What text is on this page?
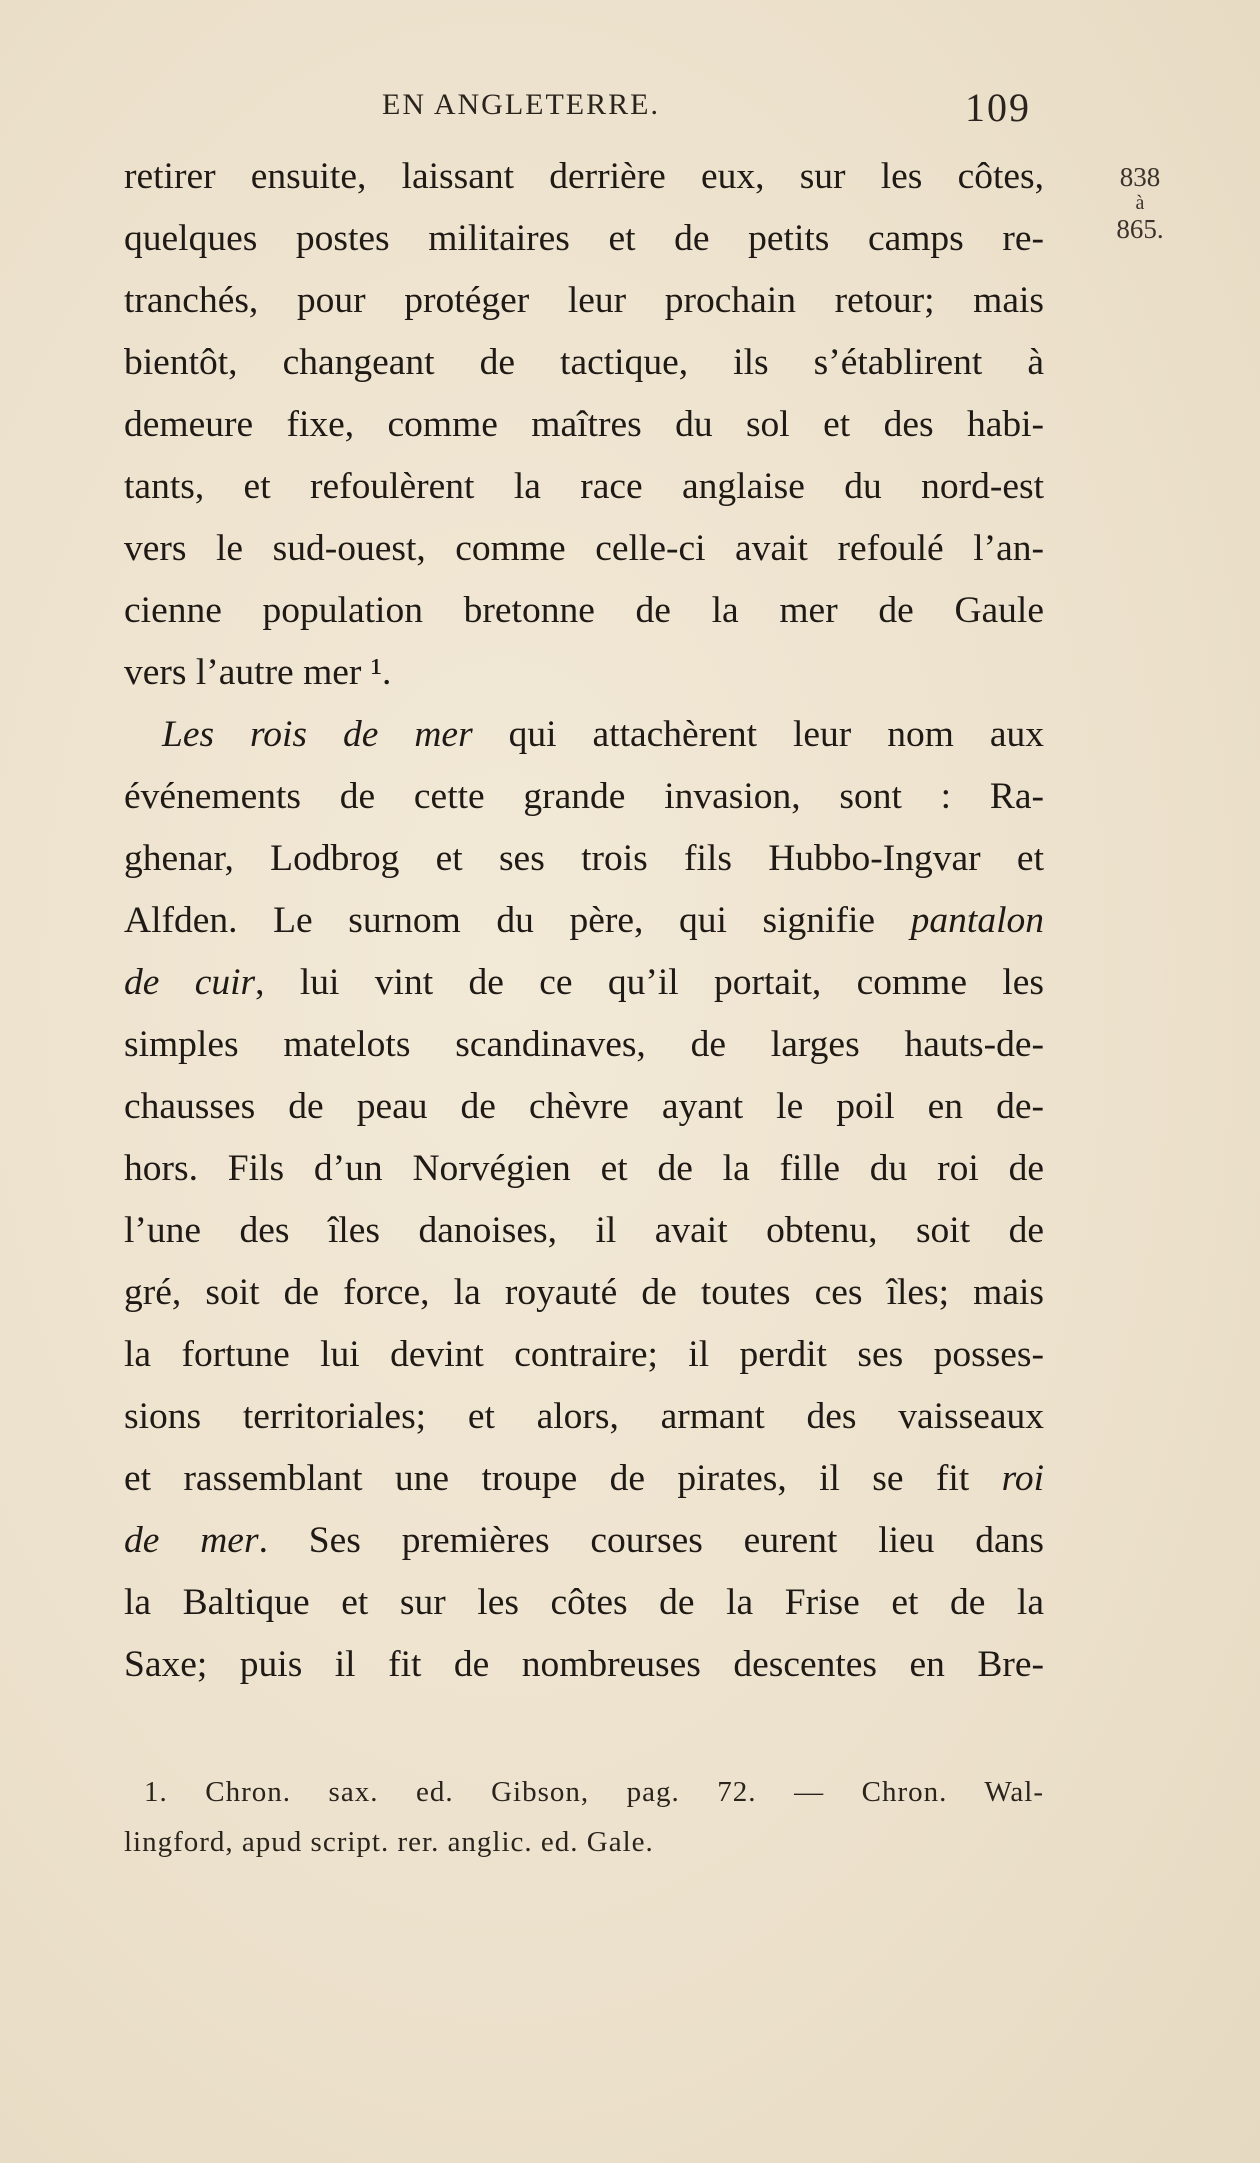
EN ANGLETERRE.	109
838
à
865.
retirer ensuite, laissant derrière eux, sur les côtes,
quelques postes militaires et de petits camps re-
tranchés, pour protéger leur prochain retour; mais
bientôt, changeant de tactique, ils s’établirent à
demeure fixe, comme maîtres du sol et des habi-
tants, et refoulèrent la race anglaise du nord-est
vers le sud-ouest, comme celle-ci avait refoulé l’an-
cienne population bretonne de la mer de Gaule
vers l’autre mer ¹.
Les rois de mer qui attachèrent leur nom aux
événements de cette grande invasion, sont : Ra-
ghenar, Lodbrog et ses trois fils Hubbo-Ingvar et
Alfden. Le surnom du père, qui signifie pantalon
de cuir, lui vint de ce qu’il portait, comme les
simples matelots scandinaves, de larges hauts-de-
chausses de peau de chèvre ayant le poil en de-
hors. Fils d’un Norvégien et de la fille du roi de
l’une des îles danoises, il avait obtenu, soit de
gré, soit de force, la royauté de toutes ces îles; mais
la fortune lui devint contraire; il perdit ses posses-
sions territoriales; et alors, armant des vaisseaux
et rassemblant une troupe de pirates, il se fit roi
de mer. Ses premières courses eurent lieu dans
la Baltique et sur les côtes de la Frise et de la
Saxe; puis il fit de nombreuses descentes en Bre-
1. Chron. sax. ed. Gibson, pag. 72. — Chron. Wal-
lingford, apud script. rer. anglic. ed. Gale.
